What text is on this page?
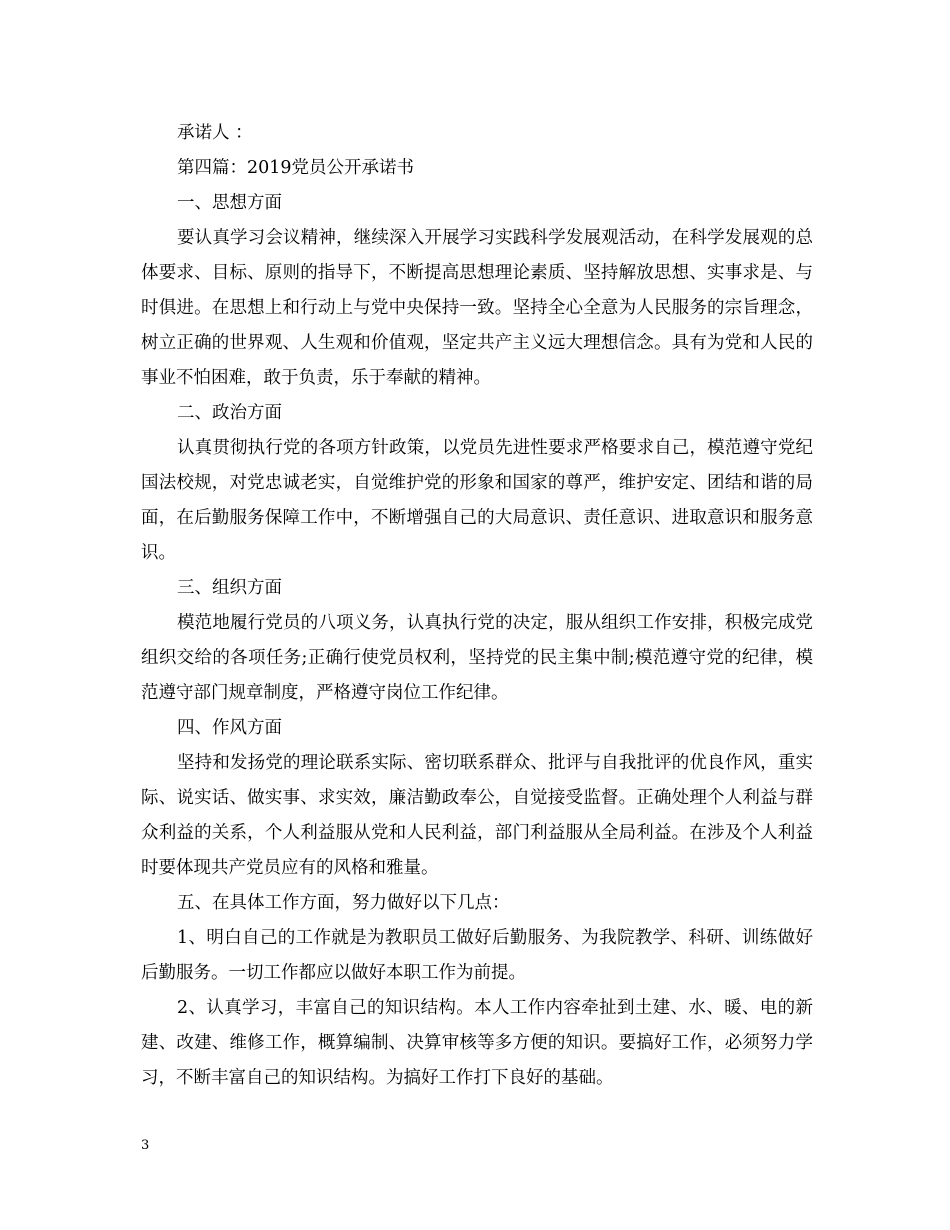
承诺人 ：

第四篇：2019党员公开承诺书

一、思想方面

要认真学习会议精神，继续深入开展学习实践科学发展观活动，在科学发展观的总体要求、目标、原则的指导下，不断提高思想理论素质、坚持解放思想、实事求是、与时俱进。在思想上和行动上与党中央保持一致。坚持全心全意为人民服务的宗旨理念，树立正确的世界观、人生观和价值观，坚定共产主义远大理想信念。具有为党和人民的事业不怕困难，敢于负责，乐于奉献的精神。

二、政治方面

认真贯彻执行党的各项方针政策，以党员先进性要求严格要求自己，模范遵守党纪国法校规，对党忠诚老实，自觉维护党的形象和国家的尊严，维护安定、团结和谐的局面，在后勤服务保障工作中，不断增强自己的大局意识、责任意识、进取意识和服务意识。

三、组织方面

模范地履行党员的八项义务，认真执行党的决定，服从组织工作安排，积极完成党组织交给的各项任务;正确行使党员权利，坚持党的民主集中制;模范遵守党的纪律，模范遵守部门规章制度，严格遵守岗位工作纪律。

四、作风方面

坚持和发扬党的理论联系实际、密切联系群众、批评与自我批评的优良作风，重实际、说实话、做实事、求实效，廉洁勤政奉公，自觉接受监督。正确处理个人利益与群众利益的关系，个人利益服从党和人民利益，部门利益服从全局利益。在涉及个人利益时要体现共产党员应有的风格和雅量。

五、在具体工作方面，努力做好以下几点：

1、明白自己的工作就是为教职员工做好后勤服务、为我院教学、科研、训练做好后勤服务。一切工作都应以做好本职工作为前提。

2、认真学习，丰富自己的知识结构。本人工作内容牵扯到土建、水、暖、电的新建、改建、维修工作，概算编制、决算审核等多方便的知识。要搞好工作，必须努力学习，不断丰富自己的知识结构。为搞好工作打下良好的基础。

3
